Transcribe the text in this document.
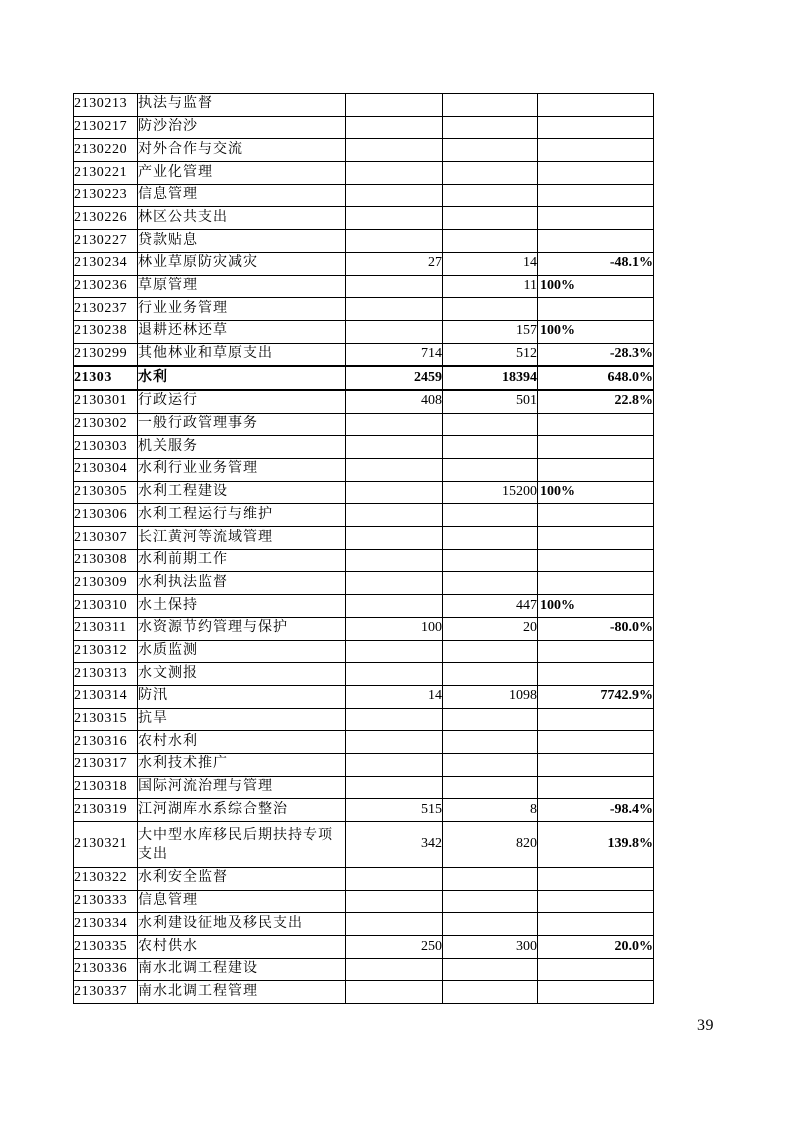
2130213	执法与监督			
2130217	防沙治沙			
2130220	对外合作与交流			
2130221	产业化管理			
2130223	信息管理			
2130226	林区公共支出			
2130227	贷款贴息			
2130234	林业草原防灾减灾	27	14	-48.1%
2130236	草原管理		11	100%
2130237	行业业务管理			
2130238	退耕还林还草		157	100%
2130299	其他林业和草原支出	714	512	-28.3%
21303	水利	2459	18394	648.0%
2130301	行政运行	408	501	22.8%
2130302	一般行政管理事务			
2130303	机关服务			
2130304	水利行业业务管理			
2130305	水利工程建设		15200	100%
2130306	水利工程运行与维护			
2130307	长江黄河等流域管理			
2130308	水利前期工作			
2130309	水利执法监督			
2130310	水土保持		447	100%
2130311	水资源节约管理与保护	100	20	-80.0%
2130312	水质监测			
2130313	水文测报			
2130314	防汛	14	1098	7742.9%
2130315	抗旱			
2130316	农村水利			
2130317	水利技术推广			
2130318	国际河流治理与管理			
2130319	江河湖库水系综合整治	515	8	-98.4%
2130321	大中型水库移民后期扶持专项支出	342	820	139.8%
2130322	水利安全监督			
2130333	信息管理			
2130334	水利建设征地及移民支出			
2130335	农村供水	250	300	20.0%
2130336	南水北调工程建设			
2130337	南水北调工程管理			
39
